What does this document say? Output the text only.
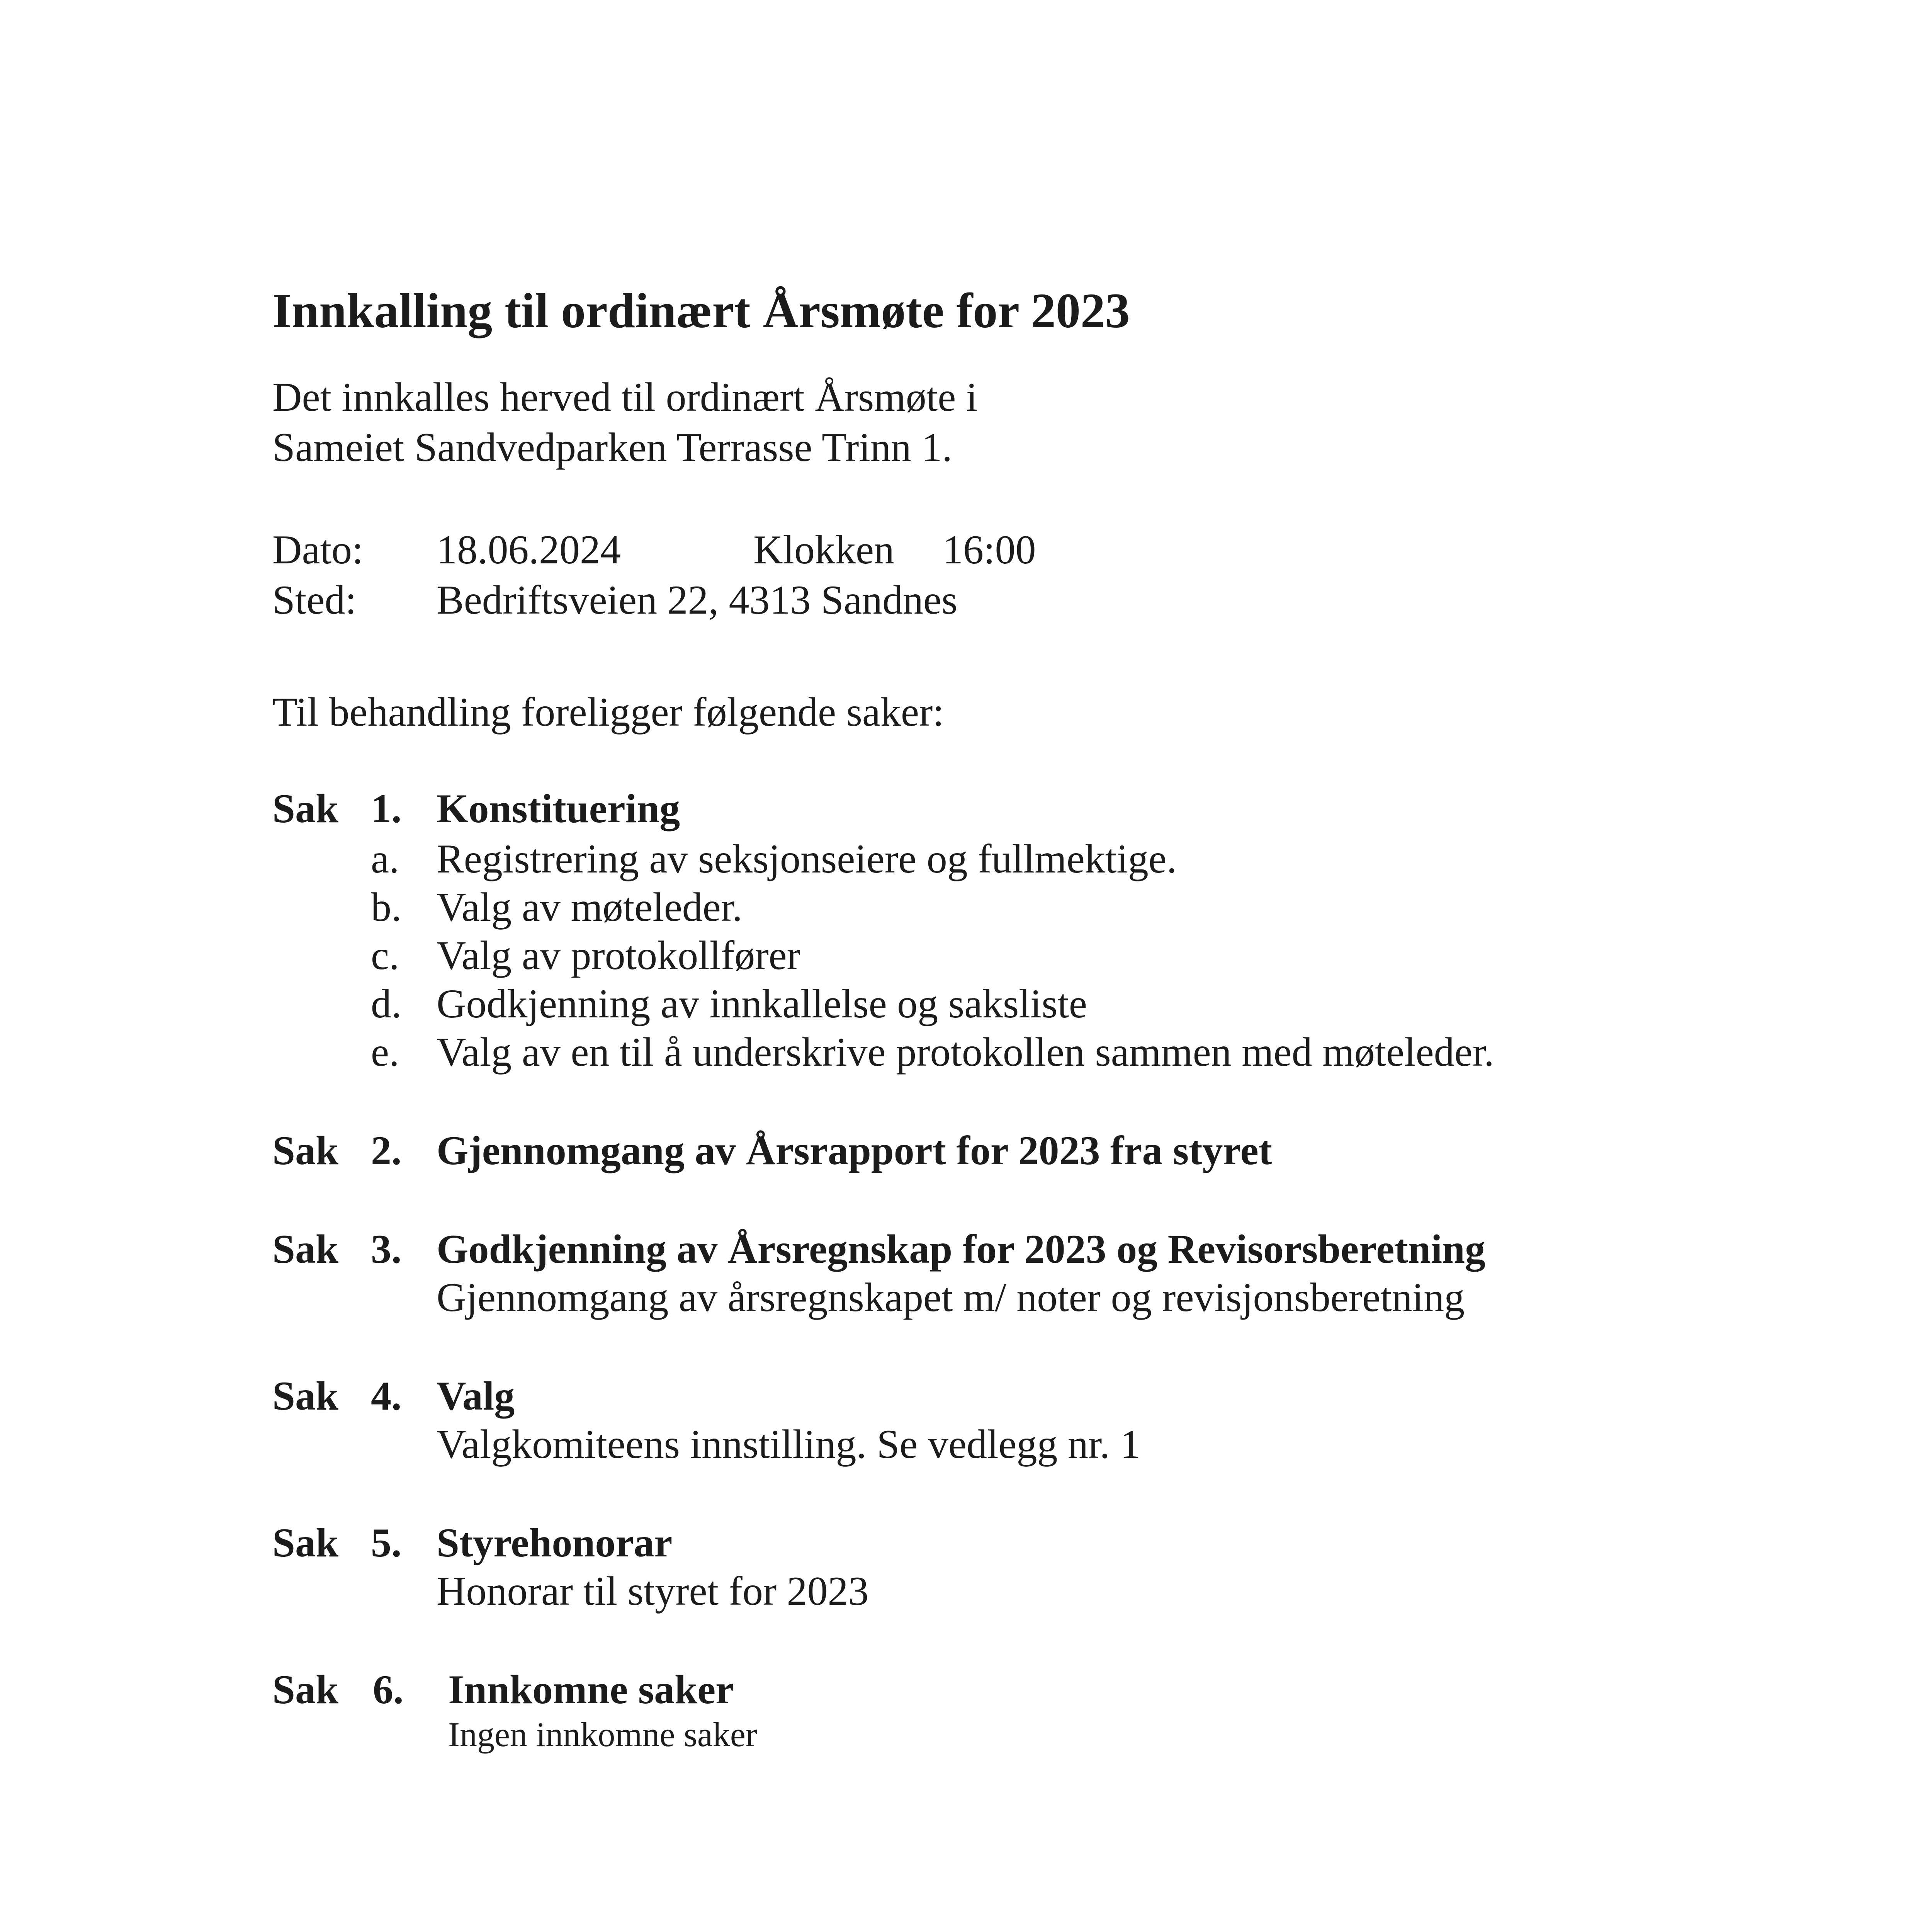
Innkalling til ordinært Årsmøte for 2023
Det innkalles herved til ordinært Årsmøte i
Sameiet Sandvedparken Terrasse Trinn 1.
Dato: 18.06.2024	Klokken 16:00
Sted: Bedriftsveien 22, 4313 Sandnes
Til behandling foreligger følgende saker:
Sak 1. Konstituering
a. Registrering av seksjonseiere og fullmektige.
b. Valg av møteleder.
c. Valg av protokollfører
d. Godkjenning av innkallelse og saksliste
e. Valg av en til å underskrive protokollen sammen med møteleder.
Sak 2. Gjennomgang av Årsrapport for 2023 fra styret
Sak 3. Godkjenning av Årsregnskap for 2023 og Revisorsberetning
Gjennomgang av årsregnskapet m/ noter og revisjonsberetning
Sak 4. Valg
Valgkomiteens innstilling. Se vedlegg nr. 1
Sak 5. Styrehonorar
Honorar til styret for 2023
Sak 6. Innkomne saker
Ingen innkomne saker
